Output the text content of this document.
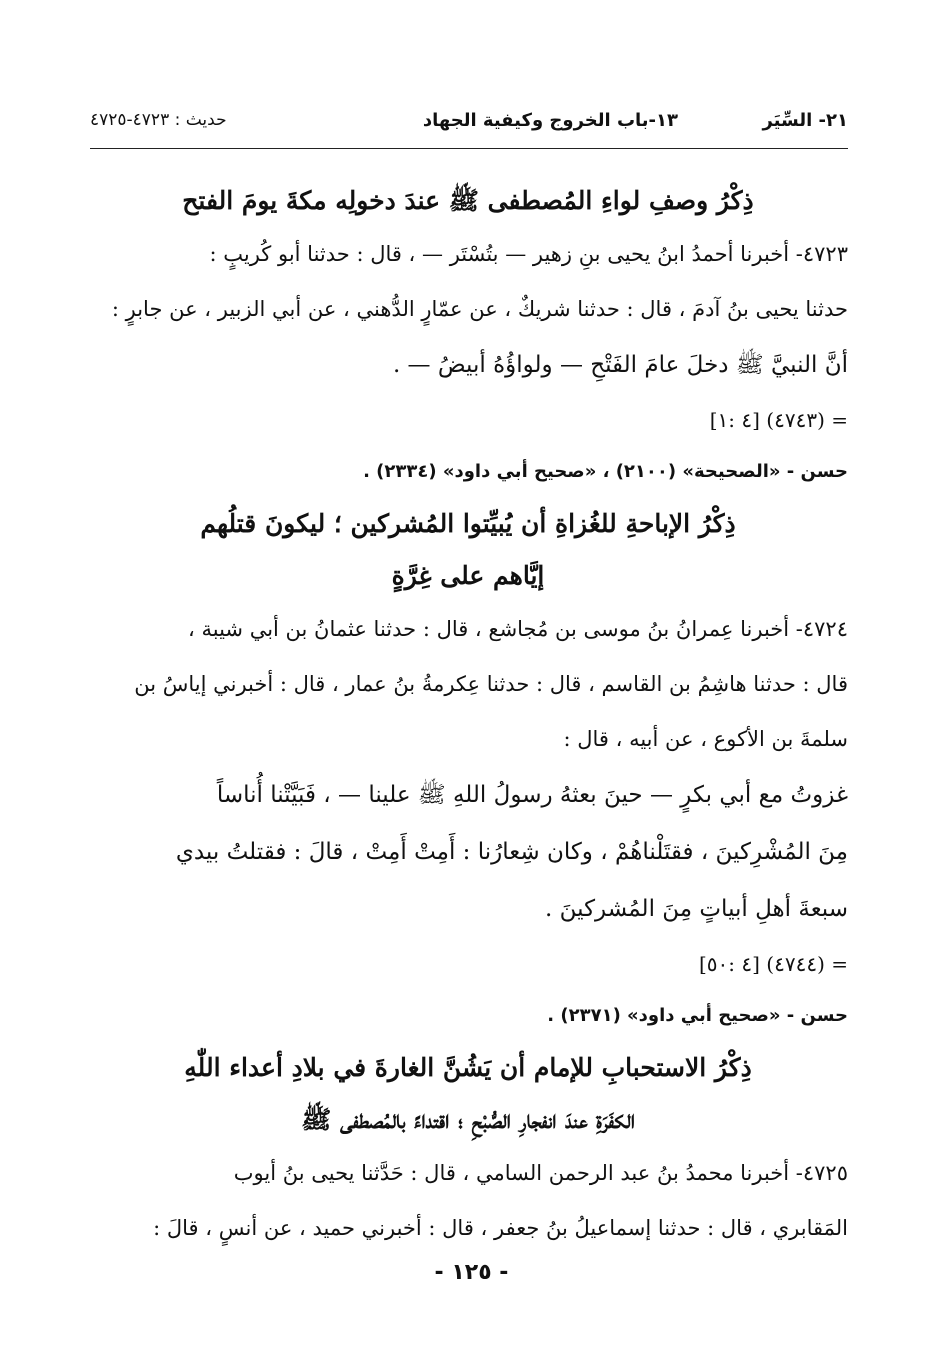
٢١- السِّيَر
١٣-باب الخروج وكيفية الجهاد
حديث : ٤٧٢٣-٤٧٢٥
ذِكْرُ وصفِ لواءِ المُصطفى ﷺ عندَ دخولِه مكةَ يومَ الفتح
٤٧٢٣- أخبرنا أحمدُ ابنُ يحيى بنِ زهير — بتُسْتَر — ، قال : حدثنا أبو كُريبٍ :
حدثنا يحيى بنُ آدمَ ، قال : حدثنا شريكٌ ، عن عمّارٍ الدُّهني ، عن أبي الزبير ، عن جابرٍ :
أنَّ النبيَّ ﷺ دخلَ عامَ الفَتْحِ — ولواؤُهُ أبيضُ — .
= (٤٧٤٣) [٤ :١]
حسن - «الصحيحة» (٢١٠٠) ، «صحيح أبي داود» (٢٣٣٤) .
ذِكْرُ الإباحةِ للغُزاةِ أن يُبيِّتوا المُشركين ؛ ليكونَ قتلُهم
إيَّاهم على غِرَّةٍ
٤٧٢٤- أخبرنا عِمرانُ بنُ موسى بن مُجاشع ، قال : حدثنا عثمانُ بن أبي شيبة ،
قال : حدثنا هاشِمُ بن القاسم ، قال : حدثنا عِكرمةُ بنُ عمار ، قال : أخبرني إياسُ بن
سلمةَ بن الأكوع ، عن أبيه ، قال :
غزوتُ مع أبي بكرٍ — حينَ بعثهُ رسولُ اللهِ ﷺ علينا — ، فَبَيَّتْنا أُناساً
مِنَ المُشْرِكينَ ، فقتَلْناهُمْ ، وكان شِعارُنا : أَمِتْ أَمِتْ ، قالَ : فقتلتُ بيدي
سبعةَ أهلِ أبياتٍ مِنَ المُشركينَ .
= (٤٧٤٤) [٤ :٥٠]
حسن - «صحيح أبي داود» (٢٣٧١) .
ذِكْرُ الاستحبابِ للإمام أن يَشُنَّ الغارةَ في بلادِ أعداء اللّٰهِ
الكفَرَةِ عندَ انفجارِ الصُّبْحِ ؛ اقتداءً بالمُصطفى ﷺ
٤٧٢٥- أخبرنا محمدُ بنُ عبد الرحمن السامي ، قال : حَدَّثنا يحيى بنُ أيوب
المَقابري ، قال : حدثنا إسماعيلُ بنُ جعفر ، قال : أخبرني حميد ، عن أنسٍ ، قالَ :
- ١٢٥ -
